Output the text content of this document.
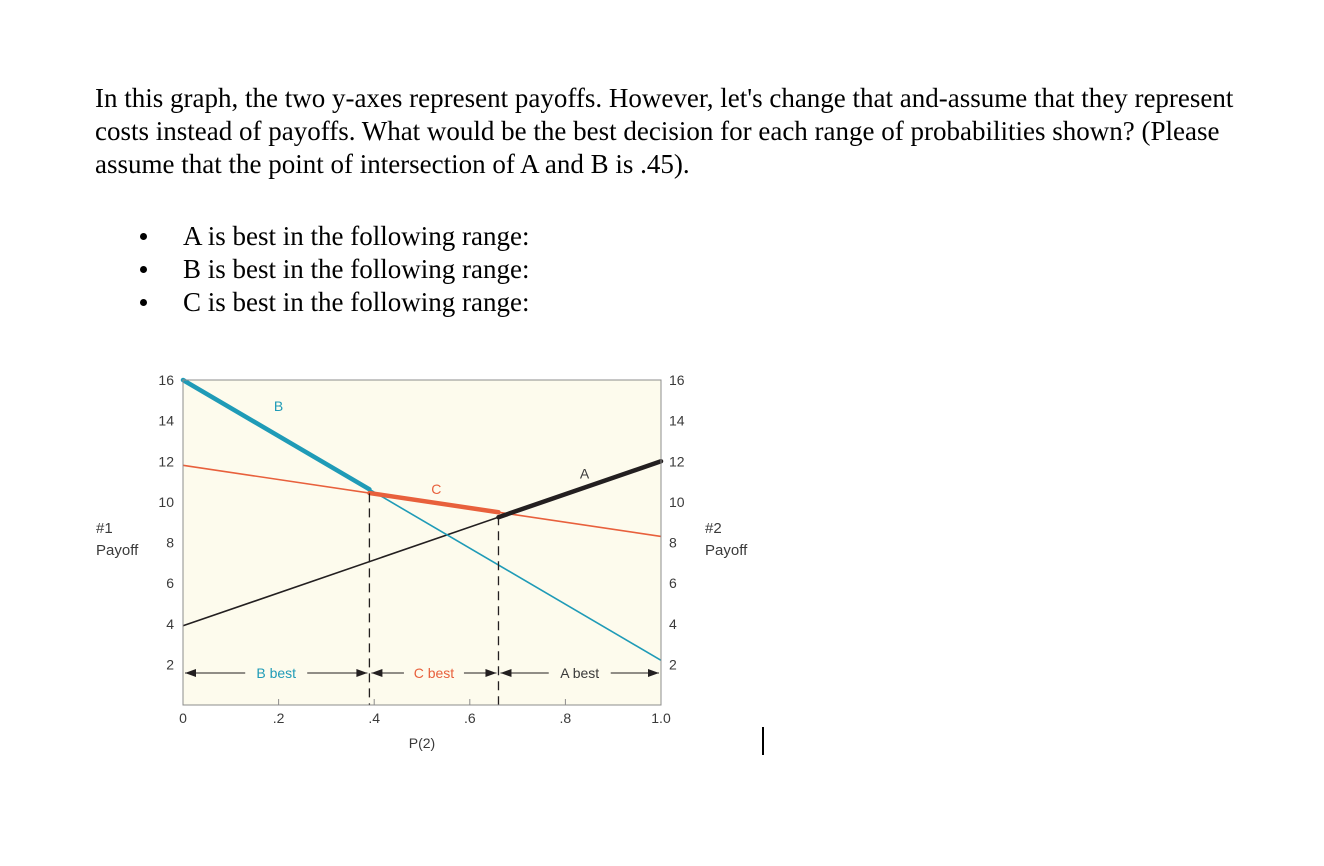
In this graph, the two y-axes represent payoffs. However, let's change that and-assume that they represent costs instead of payoffs. What would be the best decision for each range of probabilities shown? (Please assume that the point of intersection of A and B is .45).

A is best in the following range:
B is best in the following range:
C is best in the following range:
2	2
4	4
6	6
8	8
10	10
12	12
14	14
16	16
0	.2	.4	.6	.8	1.0
B best	C best	A best
A
B
C
#1
Payoff
#2
Payoff
P(2)
